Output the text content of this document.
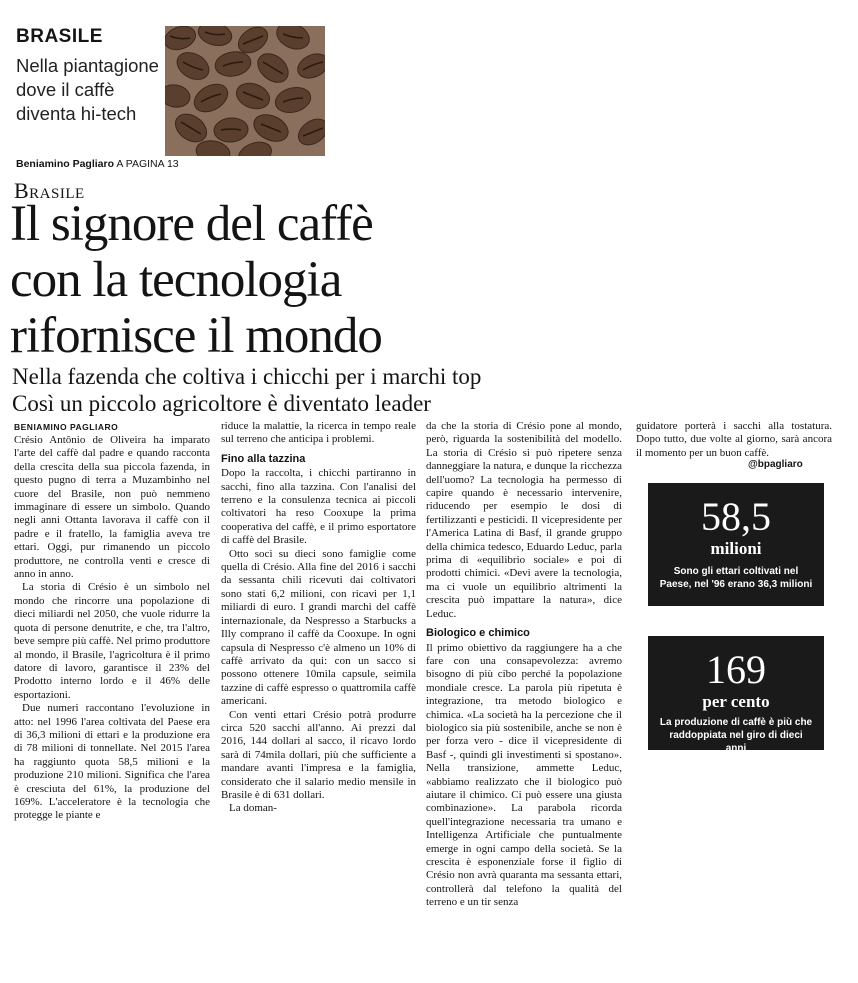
BRASILE
Nella piantagione
dove il caffè
diventa hi-tech
Beniamino Pagliaro A PAGINA 13
Brasile
Il signore del caffè
con la tecnologia
rifornisce il mondo
Nella fazenda che coltiva i chicchi per i marchi top
Così un piccolo agricoltore è diventato leader
BENIAMINO PAGLIARO

Crésio Antônio de Oliveira ha imparato l'arte del caffè dal padre e quando racconta della crescita della sua piccola fazenda, in questo pugno di terra a Muzambinho nel cuore del Brasile, non può nemmeno immaginare di essere un simbolo. Quando negli anni Ottanta lavorava il caffè con il padre e il fratello, la famiglia aveva tre ettari. Oggi, pur rimanendo un piccolo produttore, ne controlla venti e cresce di anno in anno.

La storia di Crésio è un simbolo nel mondo che rincorre una popolazione di dieci miliardi nel 2050, che vuole ridurre la quota di persone denutrite, e che, tra l'altro, beve sempre più caffè. Nel primo produttore al mondo, il Brasile, l'agricoltura è il primo datore di lavoro, garantisce il 23% del Prodotto interno lordo e il 46% delle esportazioni.

Due numeri raccontano l'evoluzione in atto: nel 1996 l'area coltivata del Paese era di 36,3 milioni di ettari e la produzione era di 78 milioni di tonnellate. Nel 2015 l'area ha raggiunto quota 58,5 milioni e la produzione 210 milioni. Significa che l'area è cresciuta del 61%, la produzione del 169%. L'acceleratore è la tecnologia che protegge le piante e

riduce la malattie, la ricerca in tempo reale sul terreno che anticipa i problemi.

Fino alla tazzina

Dopo la raccolta, i chicchi partiranno in sacchi, fino alla tazzina. Con l'analisi del terreno e la consulenza tecnica ai piccoli coltivatori ha reso Cooxupe la prima cooperativa del caffè, e il primo esportatore di caffè del Brasile.

Otto soci su dieci sono famiglie come quella di Crésio. Alla fine del 2016 i sacchi da sessanta chili ricevuti dai coltivatori sono stati 6,2 milioni, con ricavi per 1,1 miliardi di euro. I grandi marchi del caffè internazionale, da Nespresso a Starbucks a Illy comprano il caffè da Cooxupe. In ogni capsula di Nespresso c'è almeno un 10% di caffè arrivato da qui: con un sacco si possono ottenere 10mila capsule, seimila tazzine di caffè espresso o quattromila caffè americani.

Con venti ettari Crésio potrà produrre circa 520 sacchi all'anno. Ai prezzi dal 2016, 144 dollari al sacco, il ricavo lordo sarà di 74mila dollari, più che sufficiente a mandare avanti l'impresa e la famiglia, considerato che il salario medio mensile in Brasile è di 631 dollari.

La doman-

da che la storia di Crésio pone al mondo, però, riguarda la sostenibilità del modello. La storia di Crésio si può ripetere senza danneggiare la natura, e dunque la ricchezza dell'uomo? La tecnologia ha permesso di capire quando è necessario intervenire, riducendo per esempio le dosi di fertilizzanti e pesticidi. Il vicepresidente per l'America Latina di Basf, il grande gruppo della chimica tedesco, Eduardo Leduc, parla prima di «equilibrio sociale» e poi di prodotti chimici. «Devi avere la tecnologia, ma ci vuole un equilibrio altrimenti la crescita può impattare la natura», dice Leduc.

Biologico e chimico

Il primo obiettivo da raggiungere ha a che fare con una consapevolezza: avremo bisogno di più cibo perché la popolazione mondiale cresce. La parola più ripetuta è integrazione, tra metodo biologico e chimica. «La società ha la percezione che il biologico sia più sostenibile, anche se non è per forza vero - dice il vicepresidente di Basf -, quindi gli investimenti si spostano». Nella transizione, ammette Leduc, «abbiamo realizzato che il biologico può aiutare il chimico. Ci può essere una giusta combinazione». La parabola ricorda quell'integrazione necessaria tra umano e Intelligenza Artificiale che puntualmente emerge in ogni campo della società. Se la crescita è esponenziale forse il figlio di Crésio non avrà quaranta ma sessanta ettari, controllerà dal telefono la qualità del terreno e un tir senza

guidatore porterà i sacchi alla tostatura. Dopo tutto, due volte al giorno, sarà ancora il momento per un buon caffè.

@bpagliaro
58,5
milioni
Sono gli ettari coltivati nel Paese, nel '96 erano 36,3 milioni
169
per cento
La produzione di caffè è più che raddoppiata nel giro di dieci anni
